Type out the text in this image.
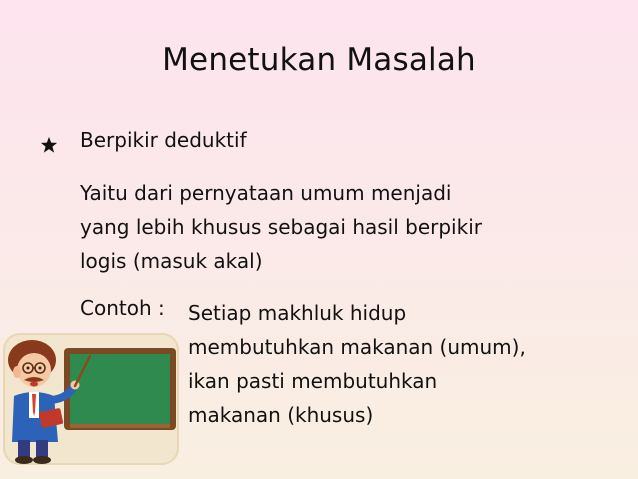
Menetukan Masalah
Berpikir deduktif
Yaitu dari pernyataan umum menjadi
yang lebih khusus sebagai hasil berpikir
logis (masuk akal)
Contoh : Setiap makhluk hidup
membutuhkan makanan (umum),
ikan pasti membutuhkan
makanan (khusus)
